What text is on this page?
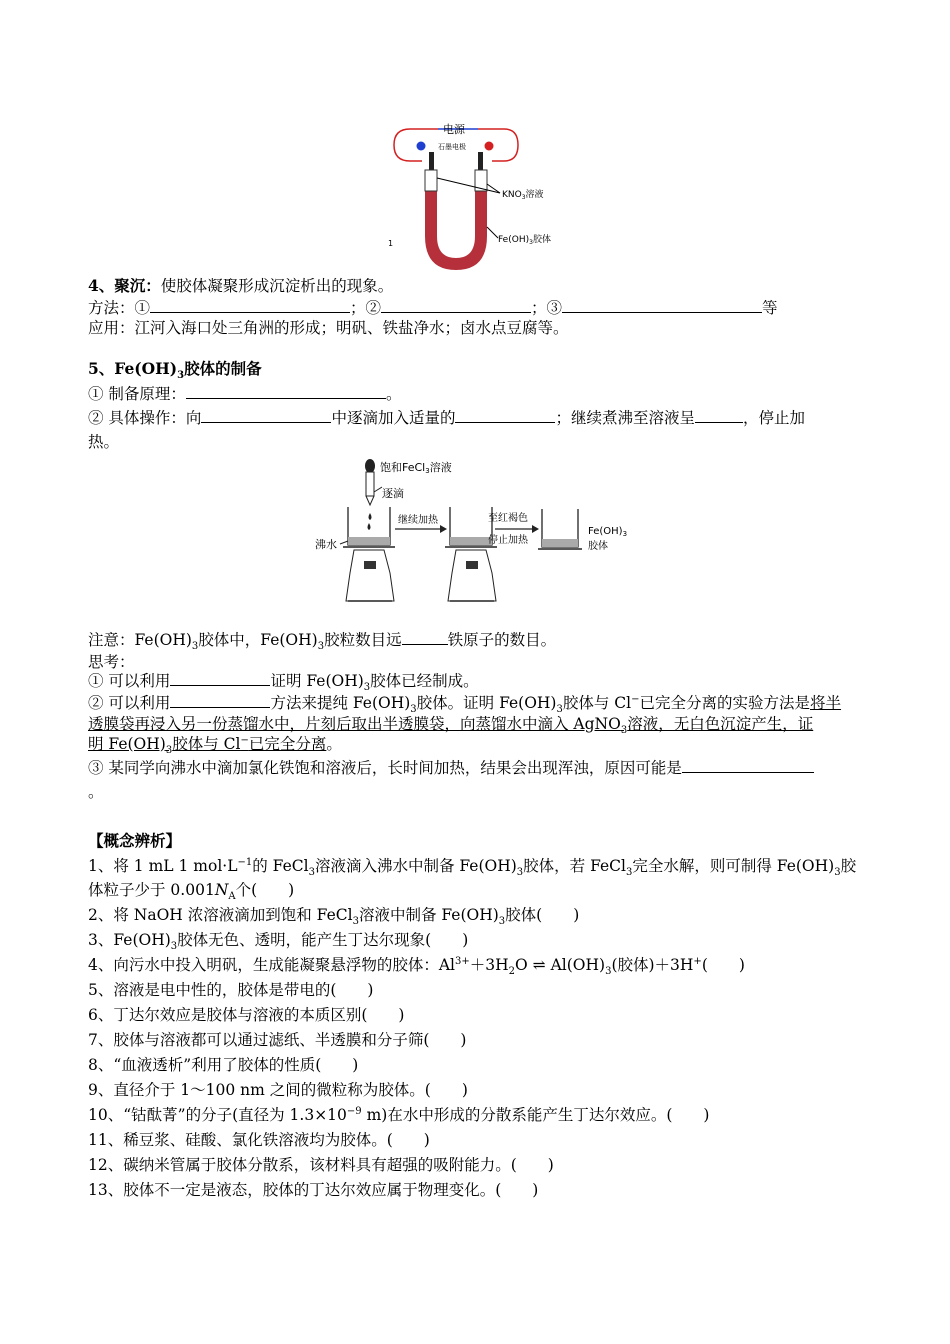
电源
石墨电极
$KNO_3$溶液
$Fe(OH)_3$胶体
1
4、聚沉：使胶体凝聚形成沉淀析出的现象。
方法：①	；②	；③	等
应用：江河入海口处三角洲的形成；明矾、铁盐净水；卤水点豆腐等。
5、$Fe(OH)_3$胶体的制备
① 制备原理：	。
② 具体操作：向	中逐滴加入适量的	；继续煮沸至溶液呈	，停止加
热。
饱和FeCl3溶液
逐滴
沸水
继续加热	至红褐色
停止加热
$Fe(OH)_3$
胶体
注意：$Fe(OH)_3$胶体中，$Fe(OH)_3$胶粒数目远	铁原子的数目。
思考：
① 可以利用	证明 $Fe(OH)_3$胶体已经制成。
② 可以利用	方法来提纯 $Fe(OH)_3$胶体。证明 $Fe(OH)_3$胶体与 Cl−已完全分离的实验方法是将半
透膜袋再浸入另一份蒸馏水中，片刻后取出半透膜袋，向蒸馏水中滴入 AgNO$_3$溶液，无白色沉淀产生，证
明 $Fe(OH)_3$胶体与 Cl−已完全分离。
③ 某同学向沸水中滴加氯化铁饱和溶液后，长时间加热，结果会出现浑浊，原因可能是
。
【概念辨析】
1、将 1 mL 1 $mol\cdot L^{-1}$的 FeCl$_3$溶液滴入沸水中制备 $Fe(OH)_3$胶体，若 FeCl$_3$完全水解，则可制得 $Fe(OH)_3$胶
体粒子少于 $0.001N_A$个(　　)
2、将 NaOH 浓溶液滴加到饱和 FeCl$_3$溶液中制备 $Fe(OH)_3$胶体(　　)
3、$Fe(OH)_3$胶体无色、透明，能产生丁达尔现象(　　)
4、向污水中投入明矾，生成能凝聚悬浮物的胶体：$Al^{3+}+3H_2O$ ⇌ $Al(OH)_3$(胶体)＋3H+(　　)
5、溶液是电中性的，胶体是带电的(　　)
6、丁达尔效应是胶体与溶液的本质区别(　　)
7、胶体与溶液都可以通过滤纸、半透膜和分子筛(　　)
8、“血液透析”利用了胶体的性质(　　)
9、直径介于 1～100 nm 之间的微粒称为胶体。(　　)
10、“钴酞菁”的分子(直径为 $1.3\times 10^{-9}$ m)在水中形成的分散系能产生丁达尔效应。(　　)
11、稀豆浆、硅酸、氯化铁溶液均为胶体。(　　)
12、碳纳米管属于胶体分散系，该材料具有超强的吸附能力。(　　)
13、胶体不一定是液态，胶体的丁达尔效应属于物理变化。(　　)
